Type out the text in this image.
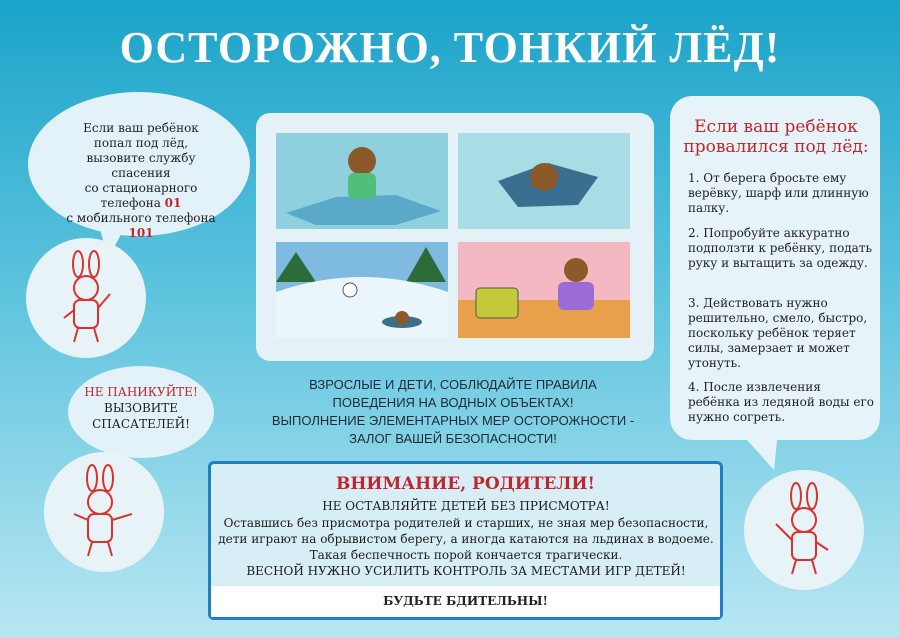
ОСТОРОЖНО, ТОНКИЙ ЛЁД!
Если ваш ребёнок
попал под лёд,
вызовите службу спасения
со стационарного телефона 01
с мобильного телефона 101
НЕ ПАНИКУЙТЕ!
ВЫЗОВИТЕ
СПАСАТЕЛЕЙ!
ВЗРОСЛЫЕ И ДЕТИ, СОБЛЮДАЙТЕ ПРАВИЛА
ПОВЕДЕНИЯ НА ВОДНЫХ ОБЪЕКТАХ!
ВЫПОЛНЕНИЕ ЭЛЕМЕНТАРНЫХ МЕР ОСТОРОЖНОСТИ -
ЗАЛОГ ВАШЕЙ БЕЗОПАСНОСТИ!
Если ваш ребёнок провалился под лёд:
1. От берега бросьте ему верёвку, шарф или длинную палку.
2. Попробуйте аккуратно подползти к ребёнку, подать руку и вытащить за одежду.
3. Действовать нужно решительно, смело, быстро, поскольку ребёнок теряет силы, замерзает и может утонуть.
4. После извлечения ребёнка из ледяной воды его нужно согреть.
ВНИМАНИЕ, РОДИТЕЛИ!
НЕ ОСТАВЛЯЙТЕ ДЕТЕЙ БЕЗ ПРИСМОТРА!
Оставшись без присмотра родителей и старших, не зная мер безопасности,
дети играют на обрывистом берегу, а иногда катаются на льдинах в водоеме.
Такая беспечность порой кончается трагически.
ВЕСНОЙ НУЖНО УСИЛИТЬ КОНТРОЛЬ ЗА МЕСТАМИ ИГР ДЕТЕЙ!
БУДЬТЕ БДИТЕЛЬНЫ!
